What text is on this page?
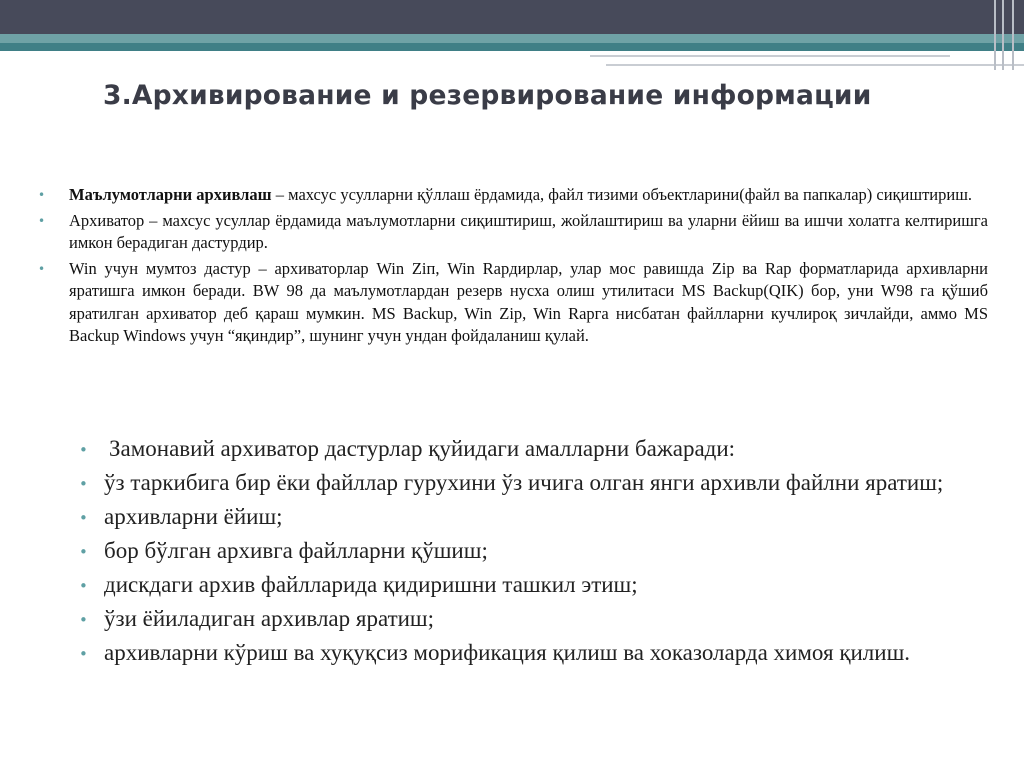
3.Архивирование и резервирование информации
• Маълумотларни архивлаш – махсус усулларни қўллаш ёрдамида, файл тизими объектларини(файл ва папкалар) сиқиштириш.
• Архиватор – махсус усуллар ёрдамида маълумотларни сиқиштириш, жойлаштириш ва уларни ёйиш ва ишчи холатга келтиришга имкон берадиган дастурдир.
• Win учун мумтоз дастур – архиваторлар Win Ziп, Win Rapдирлар, улар мос равишда Zip ва Rap форматларида архивларни яратишга имкон беради. BW 98 да маълумотлардан резерв нусха олиш утилитаси MS Backup(QIK) бор, уни W98 га қўшиб яратилган архиватор деб қараш мумкин. MS Backup, Win Zip, Win Rapга нисбатан файлларни кучлироқ зичлайди, аммо MS Backup Windows учун “яқиндир”, шунинг учун ундан фойдаланиш қулай.
• Замонавий архиватор дастурлар қуйидаги амалларни бажаради:
• ўз таркибига бир ёки файллар гурухини ўз ичига олган янги архивли файлни яратиш;
• архивларни ёйиш;
• бор бўлган архивга файлларни қўшиш;
• дискдаги архив файлларида қидиришни ташкил этиш;
• ўзи ёйиладиган архивлар яратиш;
• архивларни кўриш ва хуқуқсиз морификация қилиш ва хоказоларда химоя қилиш.
